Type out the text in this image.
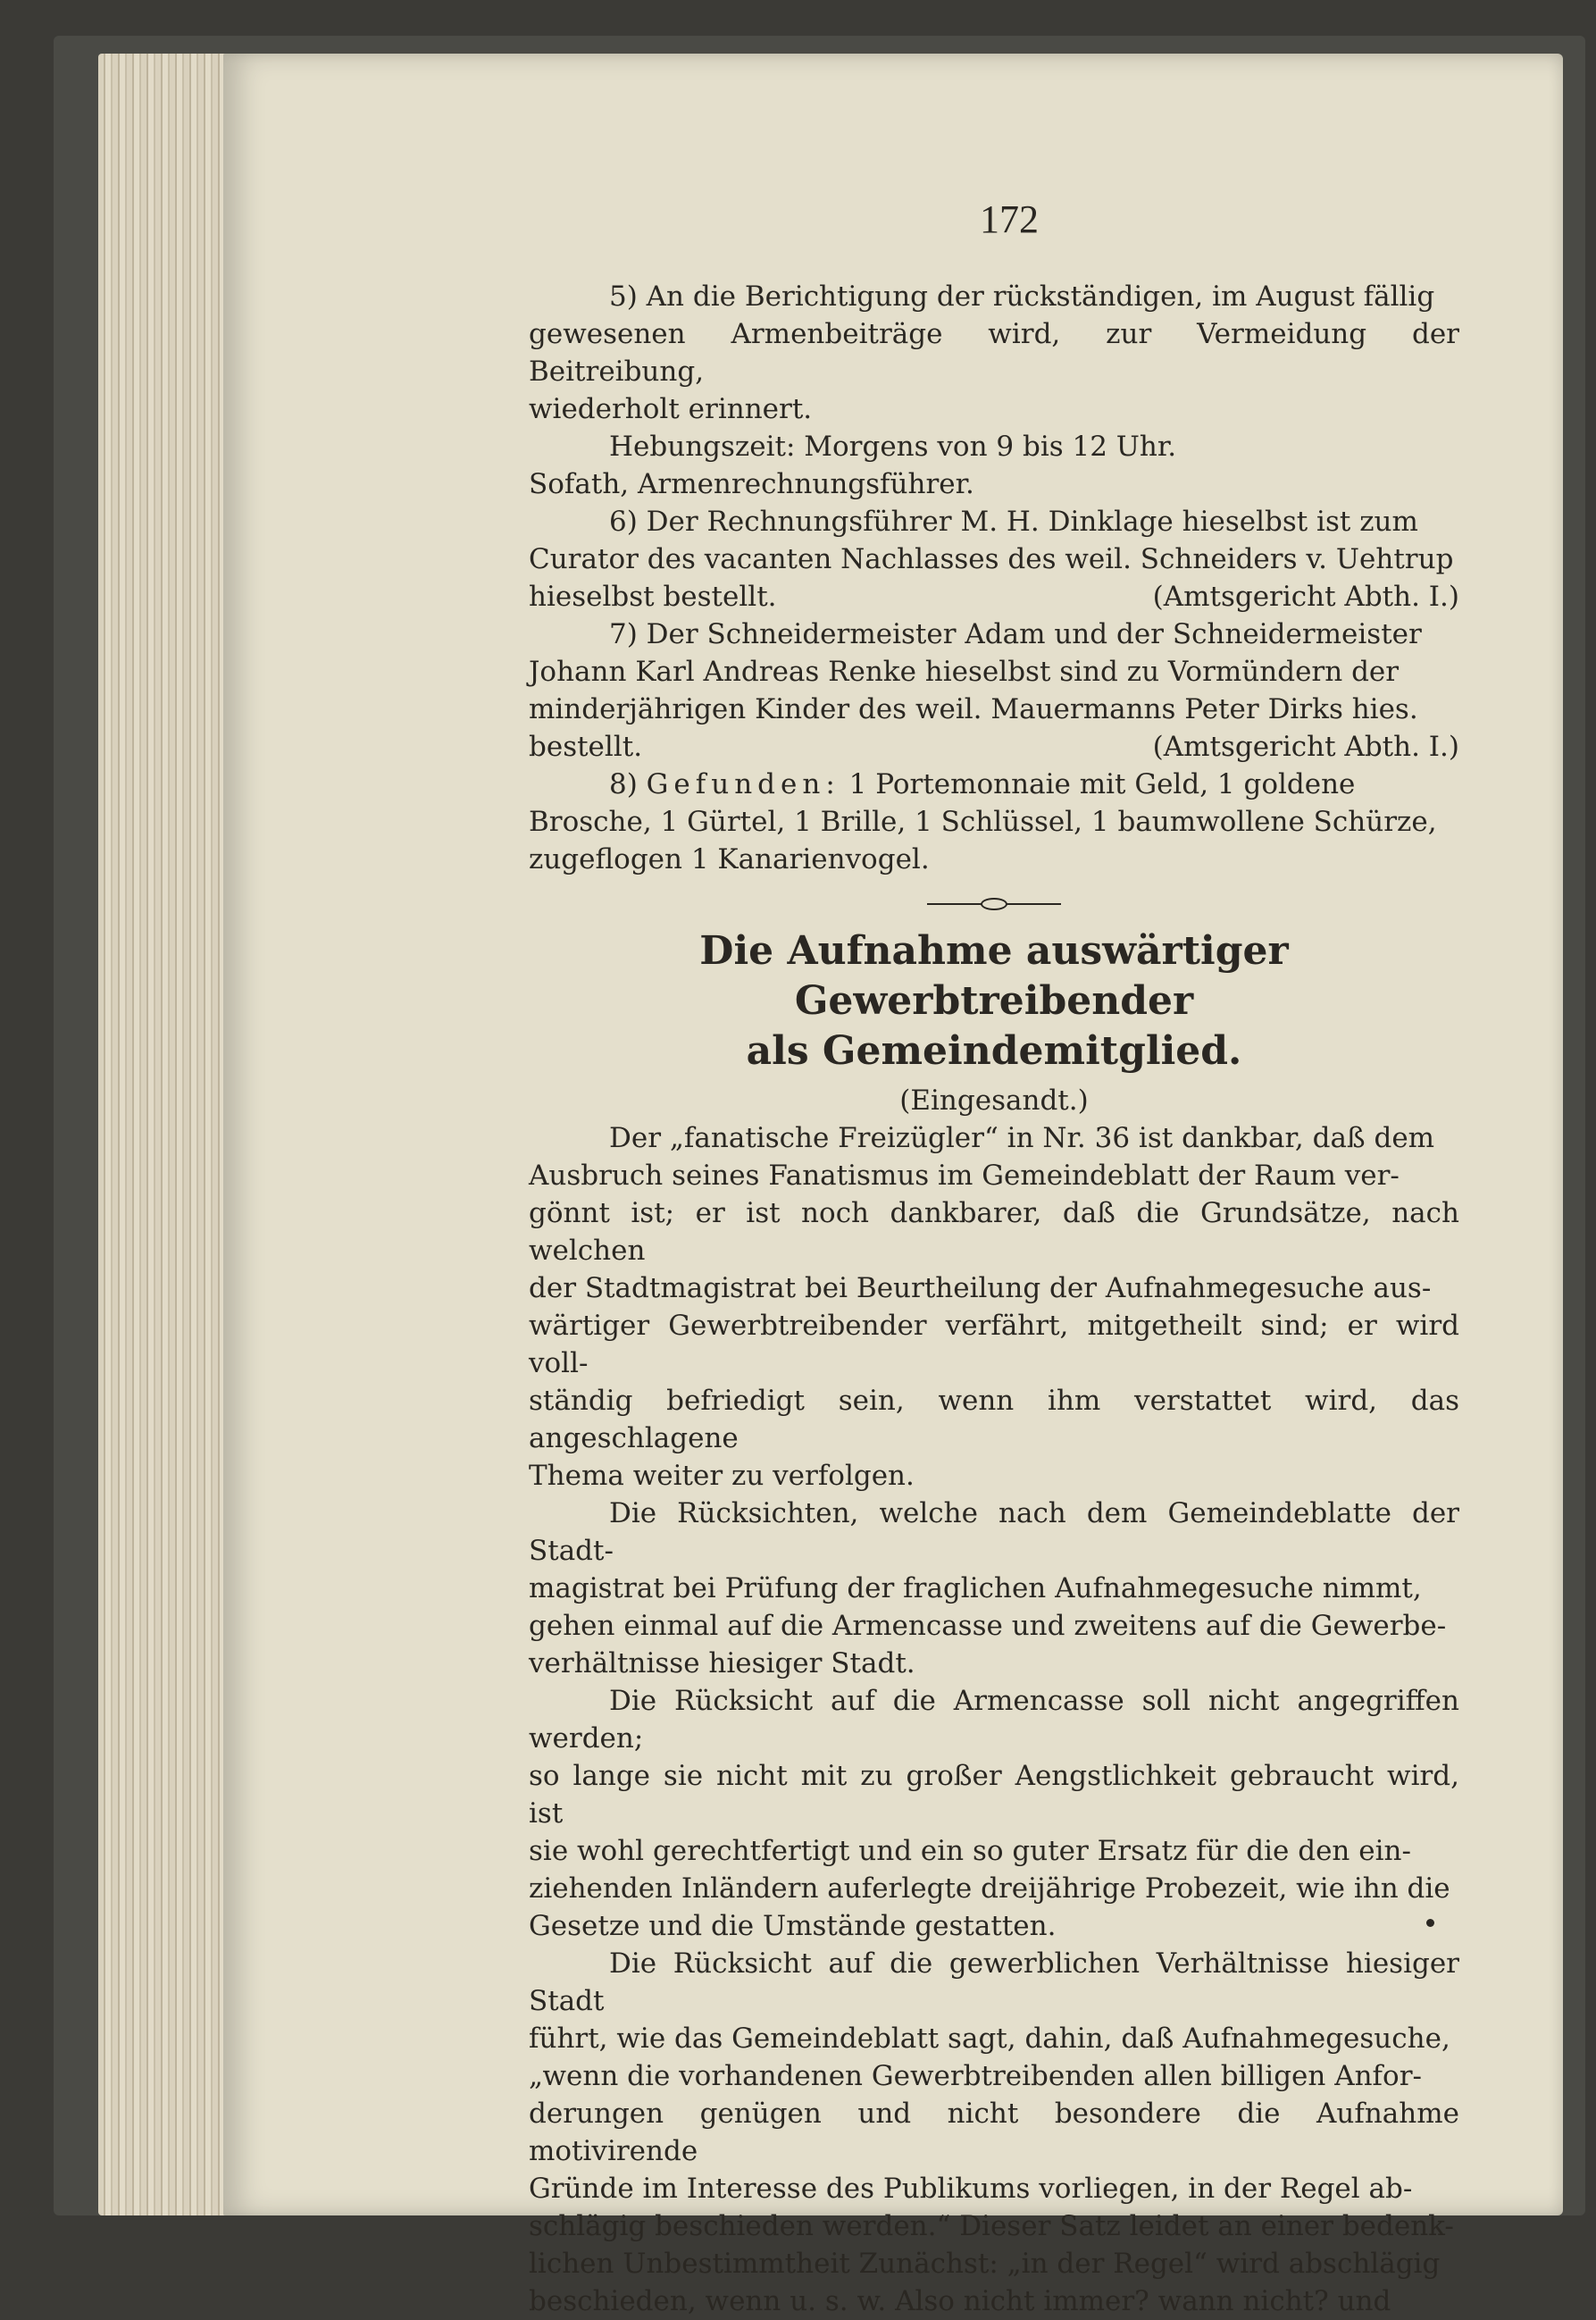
172

5) An die Berichtigung der rückständigen, im August fällig

gewesenen Armenbeiträge wird, zur Vermeidung der Beitreibung,

wiederholt erinnert.

Hebungszeit: Morgens von 9 bis 12 Uhr.

Sofath, Armenrechnungsführer.

6) Der Rechnungsführer M. H. Dinklage hieselbst ist zum

Curator des vacanten Nachlasses des weil. Schneiders v. Uehtrup

hieselbst bestellt.	(Amtsgericht Abth. I.)

7) Der Schneidermeister Adam und der Schneidermeister

Johann Karl Andreas Renke hieselbst sind zu Vormündern der

minderjährigen Kinder des weil. Mauermanns Peter Dirks hies.

bestellt.	(Amtsgericht Abth. I.)

8) Gefunden: 1 Portemonnaie mit Geld, 1 goldene

Brosche, 1 Gürtel, 1 Brille, 1 Schlüssel, 1 baumwollene Schürze,

zugeflogen 1 Kanarienvogel.

Die Aufnahme auswärtiger Gewerbtreibender
als Gemeindemitglied.

(Eingesandt.)

Der „fanatische Freizügler“ in Nr. 36 ist dankbar, daß dem

Ausbruch seines Fanatismus im Gemeindeblatt der Raum ver-

gönnt ist; er ist noch dankbarer, daß die Grundsätze, nach welchen

der Stadtmagistrat bei Beurtheilung der Aufnahmegesuche aus-

wärtiger Gewerbtreibender verfährt, mitgetheilt sind; er wird voll-

ständig befriedigt sein, wenn ihm verstattet wird, das angeschlagene

Thema weiter zu verfolgen.

Die Rücksichten, welche nach dem Gemeindeblatte der Stadt-

magistrat bei Prüfung der fraglichen Aufnahmegesuche nimmt,

gehen einmal auf die Armencasse und zweitens auf die Gewerbe-

verhältnisse hiesiger Stadt.

Die Rücksicht auf die Armencasse soll nicht angegriffen werden;

so lange sie nicht mit zu großer Aengstlichkeit gebraucht wird, ist

sie wohl gerechtfertigt und ein so guter Ersatz für die den ein-

ziehenden Inländern auferlegte dreijährige Probezeit, wie ihn die

Gesetze und die Umstände gestatten.

Die Rücksicht auf die gewerblichen Verhältnisse hiesiger Stadt

führt, wie das Gemeindeblatt sagt, dahin, daß Aufnahmegesuche,

„wenn die vorhandenen Gewerbtreibenden allen billigen Anfor-

derungen genügen und nicht besondere die Aufnahme motivirende

Gründe im Interesse des Publikums vorliegen, in der Regel ab-

schlägig beschieden werden.“ Dieser Satz leidet an einer bedenk-

lichen Unbestimmtheit Zunächst: „in der Regel“ wird abschlägig

beschieden, wenn u. s. w. Also nicht immer? wann nicht? und
